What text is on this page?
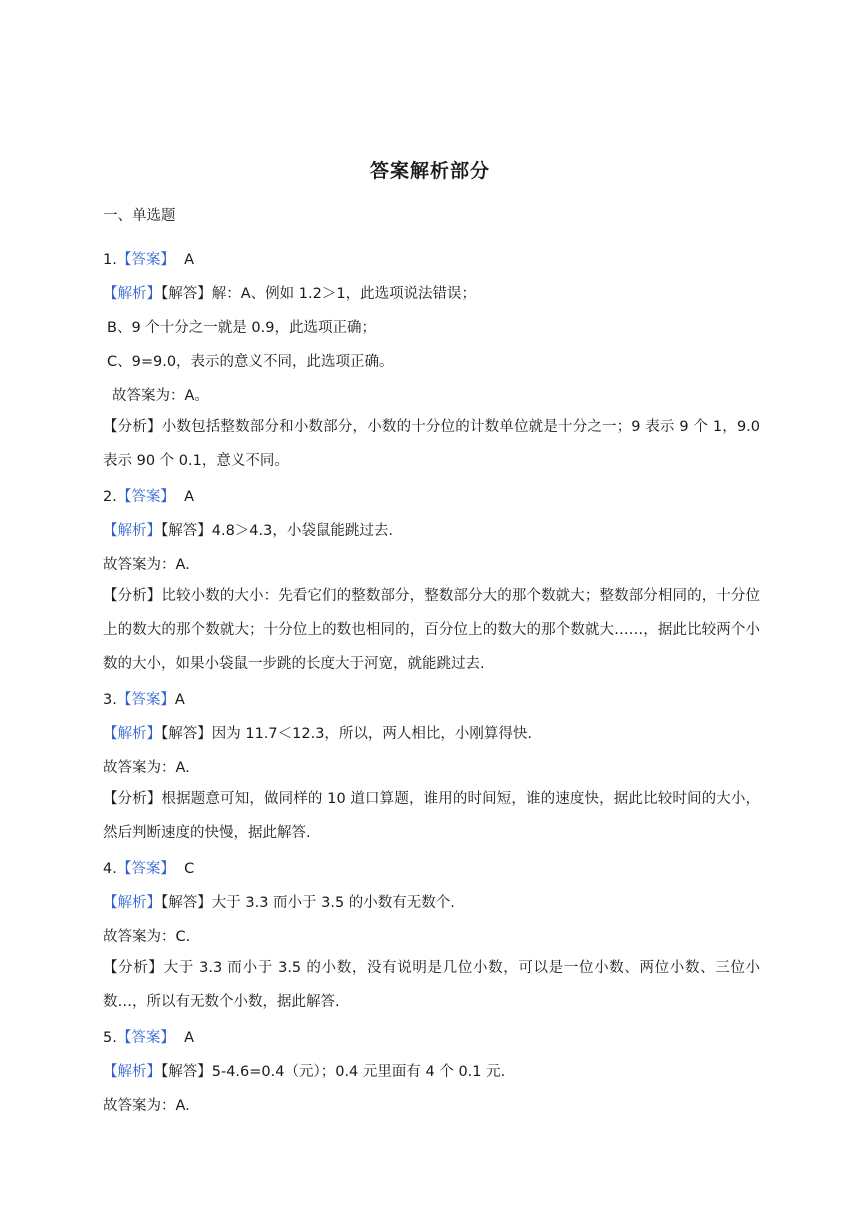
答案解析部分
一、单选题
1.【答案】 A
【解析】【解答】解：A、例如 1.2＞1，此选项说法错误；
B、9 个十分之一就是 0.9，此选项正确；
C、9=9.0，表示的意义不同，此选项正确。
故答案为：A。
【分析】小数包括整数部分和小数部分，小数的十分位的计数单位就是十分之一；9 表示 9 个 1，9.0 表示 90 个 0.1，意义不同。
2.【答案】 A
【解析】【解答】4.8＞4.3，小袋鼠能跳过去.
故答案为：A.
【分析】比较小数的大小：先看它们的整数部分，整数部分大的那个数就大；整数部分相同的，十分位上的数大的那个数就大；十分位上的数也相同的，百分位上的数大的那个数就大……，据此比较两个小数的大小，如果小袋鼠一步跳的长度大于河宽，就能跳过去.
3.【答案】A
【解析】【解答】因为 11.7＜12.3，所以，两人相比，小刚算得快.
故答案为：A.
【分析】根据题意可知，做同样的 10 道口算题，谁用的时间短，谁的速度快，据此比较时间的大小，然后判断速度的快慢，据此解答.
4.【答案】 C
【解析】【解答】大于 3.3 而小于 3.5 的小数有无数个.
故答案为：C.
【分析】大于 3.3 而小于 3.5 的小数，没有说明是几位小数，可以是一位小数、两位小数、三位小数…，所以有无数个小数，据此解答.
5.【答案】 A
【解析】【解答】5-4.6=0.4（元）；0.4 元里面有 4 个 0.1 元.
故答案为：A.
